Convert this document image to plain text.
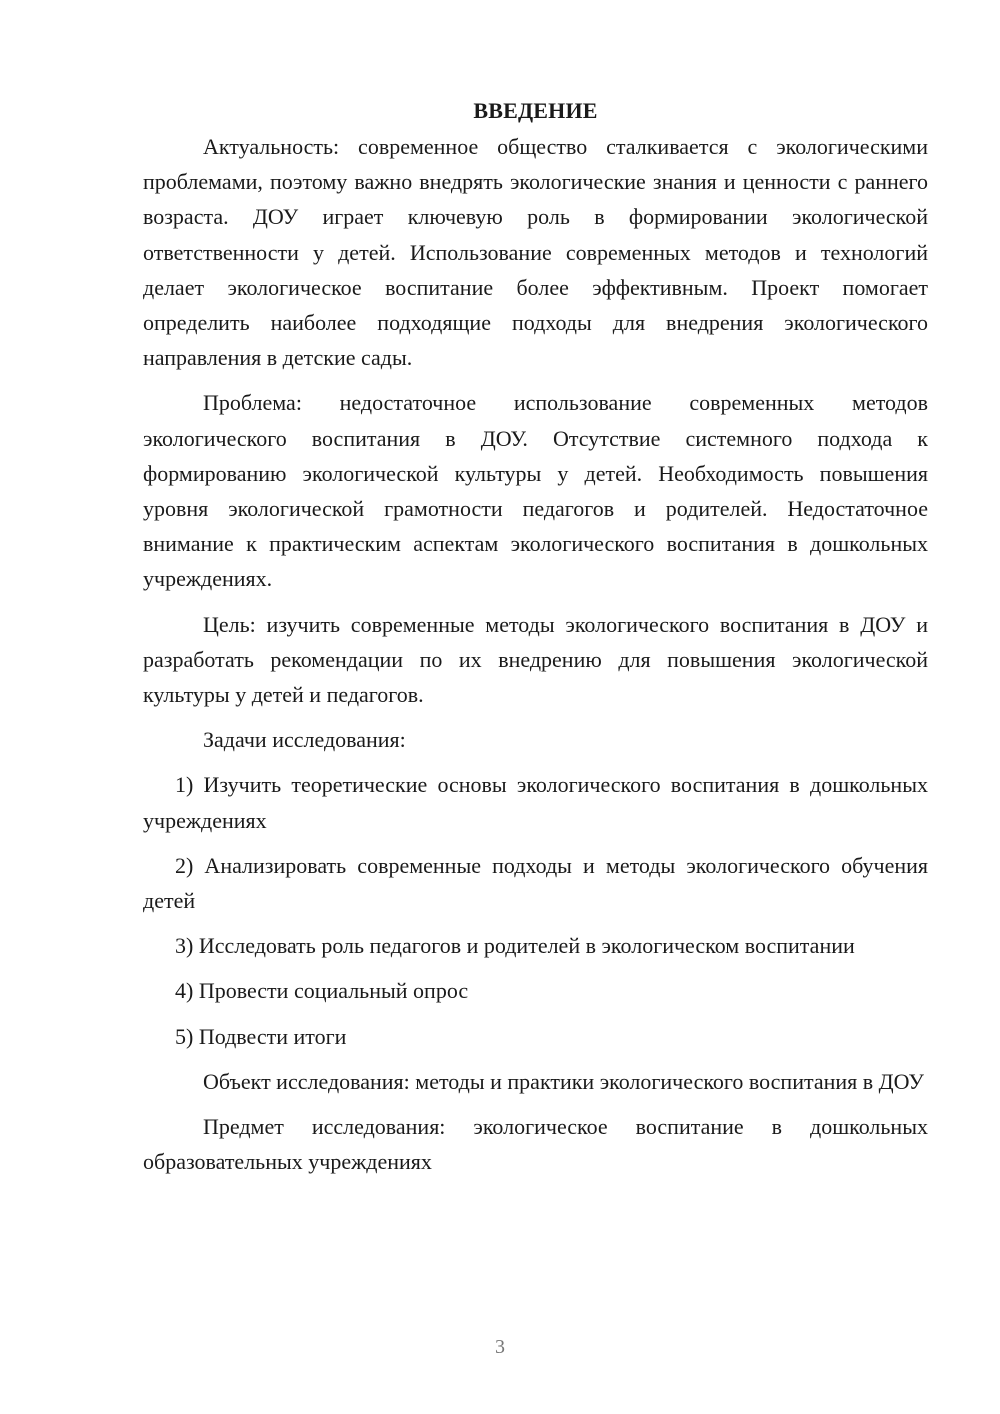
ВВЕДЕНИЕ

Актуальность: современное общество сталкивается с экологическими проблемами, поэтому важно внедрять экологические знания и ценности с раннего возраста. ДОУ играет ключевую роль в формировании экологической ответственности у детей. Использование современных методов и технологий делает экологическое воспитание более эффективным. Проект помогает определить наиболее подходящие подходы для внедрения экологического направления в детские сады.

Проблема: недостаточное использование современных методов экологического воспитания в ДОУ. Отсутствие системного подхода к формированию экологической культуры у детей. Необходимость повышения уровня экологической грамотности педагогов и родителей. Недостаточное внимание к практическим аспектам экологического воспитания в дошкольных учреждениях.

Цель: изучить современные методы экологического воспитания в ДОУ и разработать рекомендации по их внедрению для повышения экологической культуры у детей и педагогов.

Задачи исследования:

1) Изучить теоретические основы экологического воспитания в дошкольных учреждениях

2) Анализировать современные подходы и методы экологического обучения детей

3) Исследовать роль педагогов и родителей в экологическом воспитании

4) Провести социальный опрос

5) Подвести итоги

Объект исследования: методы и практики экологического воспитания в ДОУ

Предмет исследования: экологическое воспитание в дошкольных образовательных учреждениях

3
